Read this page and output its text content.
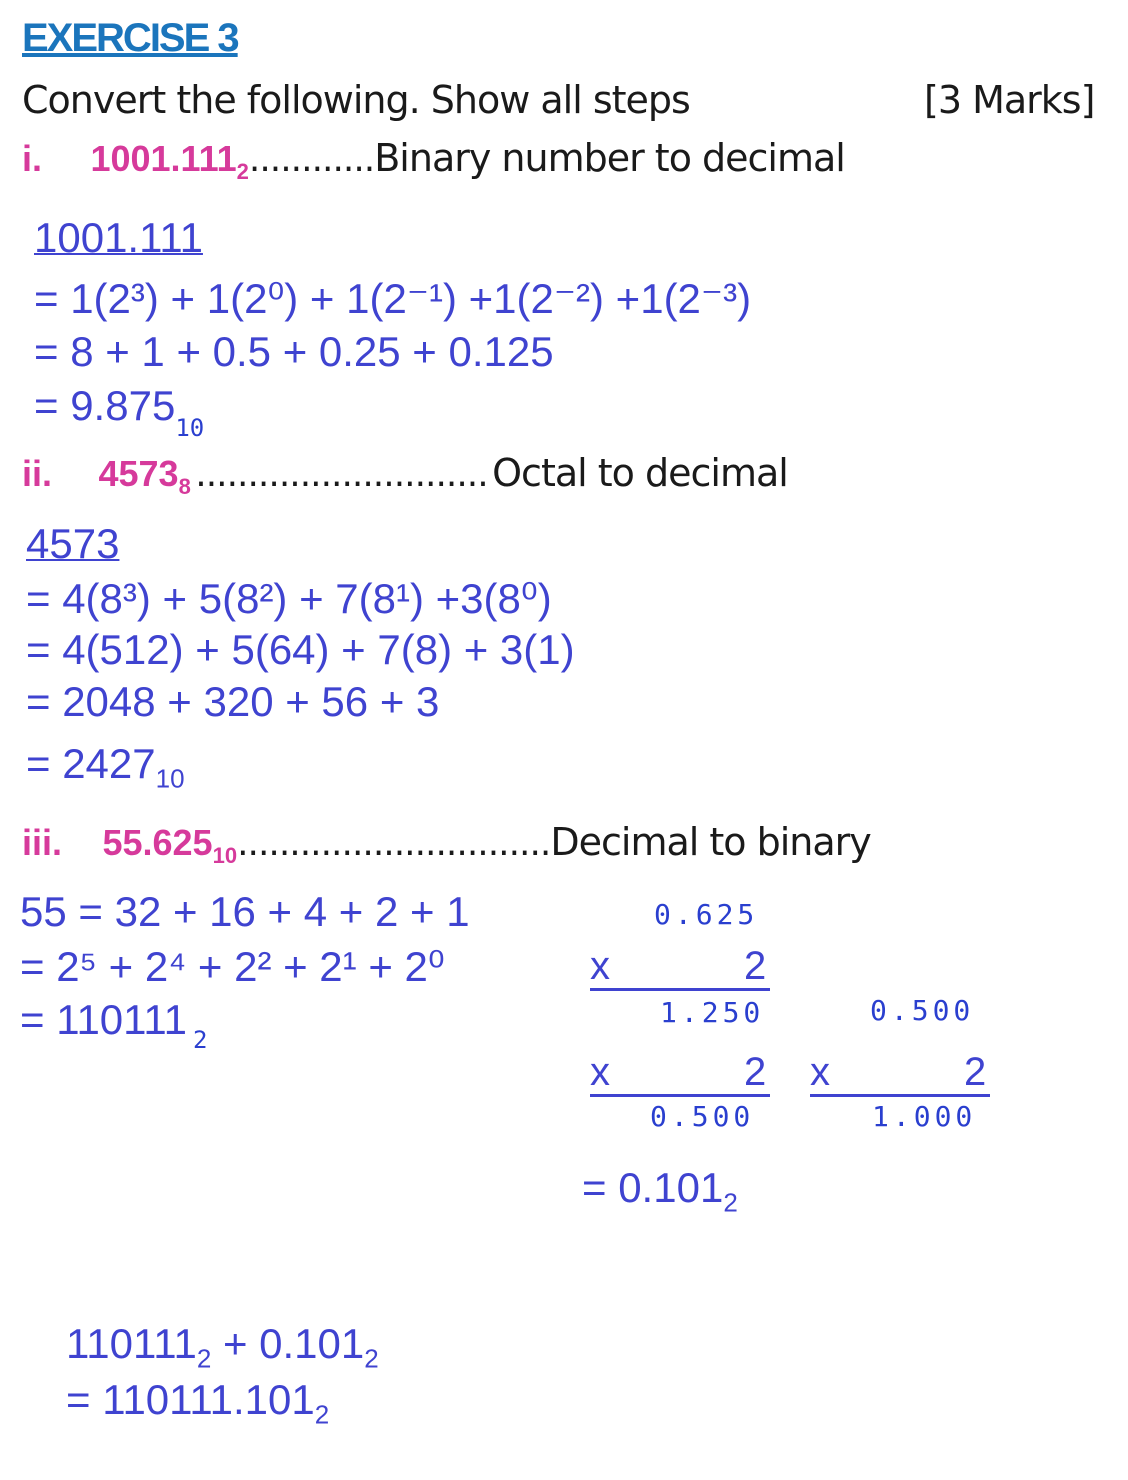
EXERCISE 3
Convert the following. Show all steps	[3 Marks]
i. $1001.111_2............Binary$ number to decimal
1001.111
= 1(2³) + 1(2⁰) + 1(2⁻¹) +1(2⁻²) +1(2⁻³)
= 8 + 1 + 0.5 + 0.25 + 0.125
= $9.875_{10}$
ii. $4573_8$ ............................ Octal to decimal
4573
= 4(8³) + 5(8²) + 7(8¹) +3(8⁰)
= 4(512) + 5(64) + 7(8) + 3(1)
= 2048 + 320 + 56 + 3
= $2427_{10}$
iii. $55.625_{10}..............................Decimal$ to binary
55 = 32 + 16 + 4 + 2 + 1
= 2⁵ + 2⁴ + 2² + 2¹ + 2⁰
= 110111 $_2$
0.625
x	2
1.250
x	2
0.500
0.500
x	2
1.000
= $0.101_2$
$110111_2 + 0.101_2$
= $110111.101_2$
